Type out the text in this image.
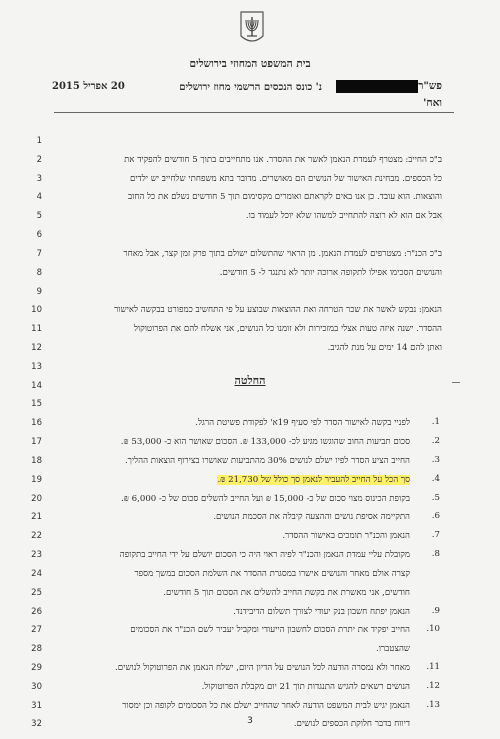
בית המשפט המחוזי בירושלים
פש"ר
נ' כונס הנכסים הרשמי מחוז ירושלים
20 אפריל 2015
ואח'
1
2	ב"כ החייב: מצטרף לעמדת הנאמן לאשר את ההסדר. אנו מתחייבים בתוך 5 חודשים להפקיד את
3	כל הכספים. מבחינת האישור של הנושים הם מאושרים. מדובר בתא משפחתי שלחייב יש ילדים
4	והוצאות. הוא עובד. כן אנו באים לקראתם ואומרים מקסימום תוך 5 חודשים נשלם את כל החוב
5	אבל אם הוא לא רוצה להתחייב למשהו שלא יוכל לעמוד בו.
6
7	ב"כ הכנ"ר: מצטרפים לעמדת הנאמן. מן הראוי שהתשלום ישולם בתוך פרק זמן קצר, אבל מאחר
8	והנושים הסכימו אפילו לתקופה ארוכה יותר לא נתנגד ל- 5 חודשים.
9
10	הנאמן: נבקש לאשר את שכר הטרחה ואת ההוצאות שבוצע על פי התחשיב כמפורט בבקשה לאישור
11	ההסדר. ישנה איזה טעות אצלי במזכירות ולא זומנו כל הנושים, אני אשלח להם את הפרוטוקול
12	ואתן להם 14 ימים על מנת להגיב.
13
14
15
16	1.
לפניי בקשה לאישור הסדר לפי סעיף 19א' לפקודת פשיטת הרגל.
17	2.
סכום תביעות החוב שהוגשו מגיע לכ- 133,000 ₪. הסכום שאושר הוא כ- 53,000 ₪.
18	3.
החייב הציע הסדר לפיו ישלם לנושים 30% מהתביעות שאושרו בצירוף הוצאות ההליך.
19	4.
סך הכל על החייב להעביר לנאמן סך כולל של 21,730 ₪.
20	5.
בקופת הכינוס מצוי סכום של כ- 15,000 ₪ ועל החייב להשלים סכום של כ- 6,000 ₪.
21	6.
התקיימה אסיפת נושים וההצעה קיבלה את הסכמת הנושים.
22	7.
הנאמן והכנ"ר תומכים באישור ההסדר.
23	8.
מקובלת עליי עמדת הנאמן והכנ"ר לפיה ראוי היה כי הסכום יושלם על ידי החייב בתקופה
24	קצרה אולם מאחר והנושים אישרו במסגרת ההסדר את השלמת הסכום במשך מספר
25	חודשים, אני מאשרת את בקשת החייב להשלים את הסכום תוך 5 חודשים.
26	9.
הנאמן יפתח חשבון בנק יעודי לצורך תשלום הדיבידנד.
27	10.
החייב יפקיד את יתרת הסכום לחשבון הייעודי ומקביל יעביר לשם הכנ"ר את הסכומים
28	שהצטברו.
29	11.
מאחר ולא נמסרה הודעה לכל הנושים על הדיון היום, ישלח הנאמן את הפרוטוקול לנושים.
30	12.
הנושים רשאים להגיש התנגדות תוך 21 יום מקבלת הפרוטוקול.
31	13.
הנאמן יגיש לבית המשפט הודעה לאחר שהחייב ישלם את כל הסכומים לקופה וכן ימסור
32	דיווח בדבר חלוקת הכספים לנושים.
החלטה
3
